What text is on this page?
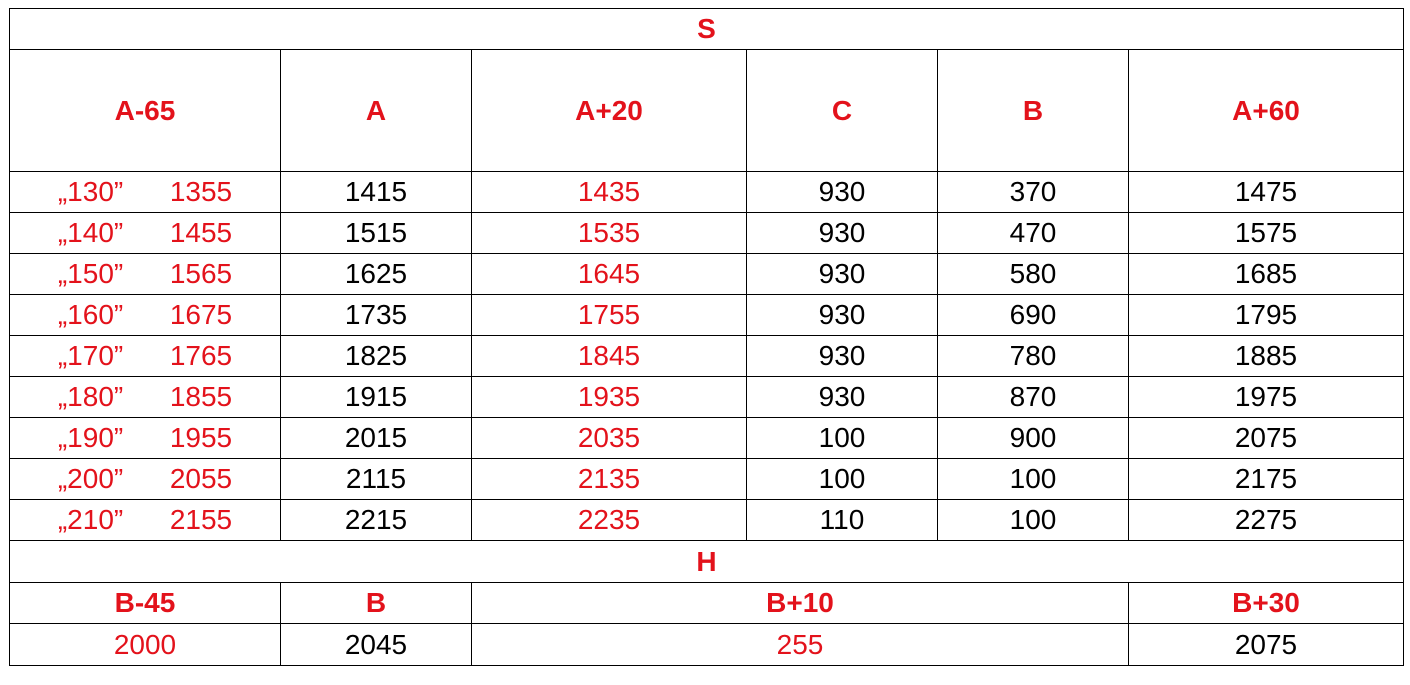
S					
A-65	A	A+20	C	B	A+60
„130” 1355	1415	1435	930	370	1475
„140” 1455	1515	1535	930	470	1575
„150” 1565	1625	1645	930	580	1685
„160” 1675	1735	1755	930	690	1795
„170” 1765	1825	1845	930	780	1885
„180” 1855	1915	1935	930	870	1975
„190” 1955	2015	2035	100	900	2075
„200” 2055	2115	2135	100	100	2175
„210” 2155	2215	2235	110	100	2275
H					
B-45	B	B+10			B+30
2000	2045	255			2075
